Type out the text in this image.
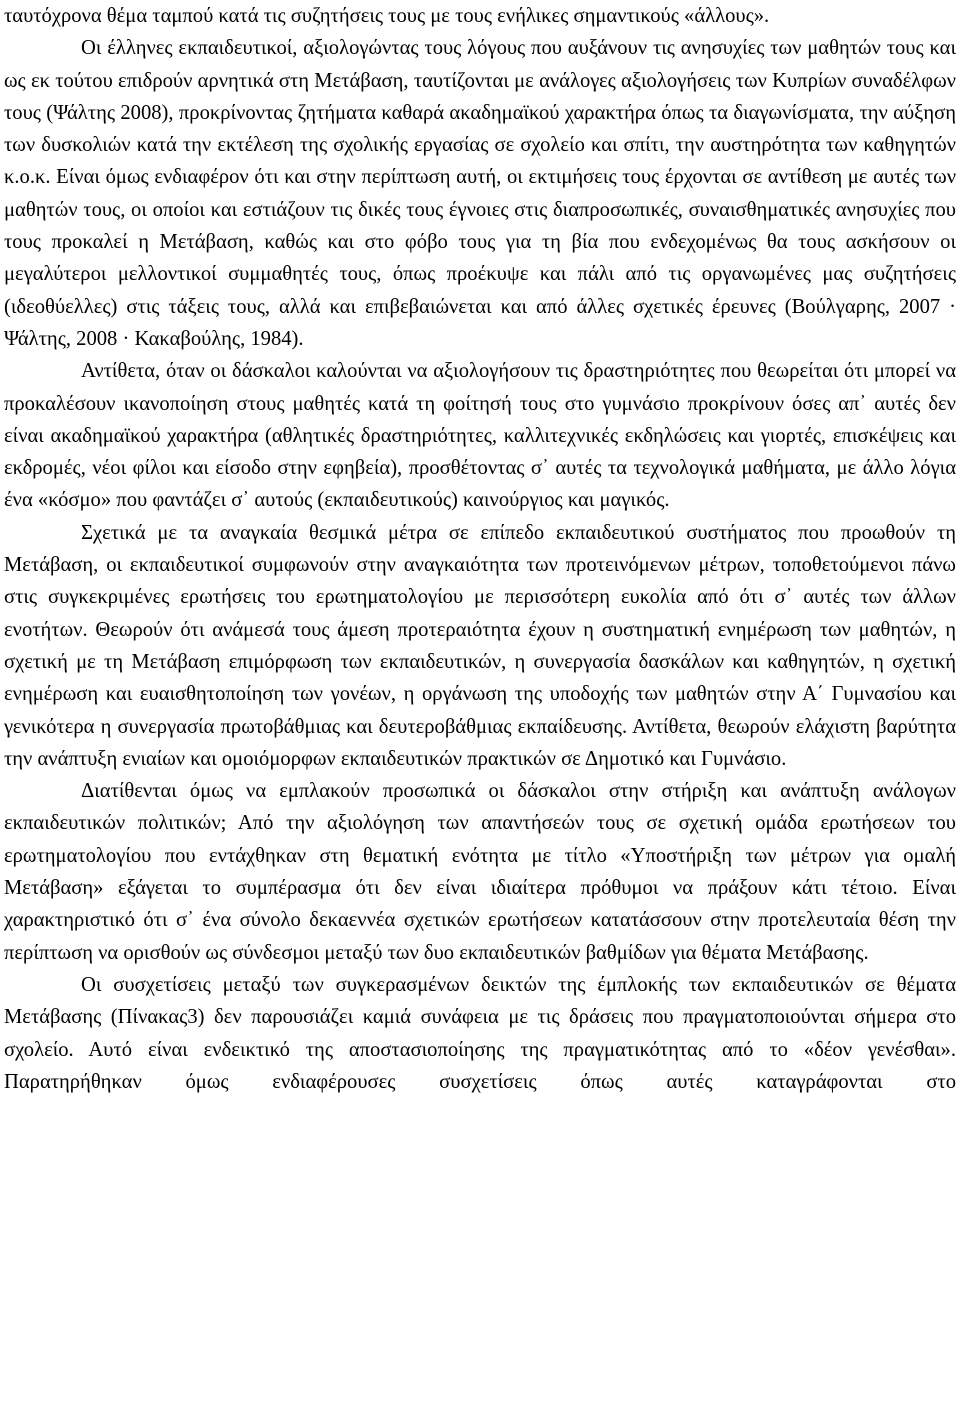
ταυτόχρονα θέμα ταμπού κατά τις συζητήσεις τους με τους ενήλικες σημαντικούς «άλλους».

Οι έλληνες εκπαιδευτικοί, αξιολογώντας τους λόγους που αυξάνουν τις ανησυχίες των μαθητών τους και ως εκ τούτου επιδρούν αρνητικά στη Μετάβαση, ταυτίζονται με ανάλογες αξιολογήσεις των Κυπρίων συναδέλφων τους (Ψάλτης 2008), προκρίνοντας ζητήματα καθαρά ακαδημαϊκού χαρακτήρα όπως τα διαγωνίσματα, την αύξηση των δυσκολιών κατά την εκτέλεση της σχολικής εργασίας σε σχολείο και σπίτι, την αυστηρότητα των καθηγητών κ.ο.κ. Είναι όμως ενδιαφέρον ότι και στην περίπτωση αυτή, οι εκτιμήσεις τους έρχονται σε αντίθεση με αυτές των μαθητών τους, οι οποίοι και εστιάζουν τις δικές τους έγνοιες στις διαπροσωπικές, συναισθηματικές ανησυχίες που τους προκαλεί η Μετάβαση, καθώς και στο φόβο τους για τη βία που ενδεχομένως θα τους ασκήσουν οι μεγαλύτεροι μελλοντικοί συμμαθητές τους, όπως προέκυψε και πάλι από τις οργανωμένες μας συζητήσεις (ιδεοθύελλες) στις τάξεις τους, αλλά και επιβεβαιώνεται και από άλλες σχετικές έρευνες (Βούλγαρης, 2007 · Ψάλτης, 2008 · Κακαβούλης, 1984).

Αντίθετα, όταν οι δάσκαλοι καλούνται να αξιολογήσουν τις δραστηριότητες που θεωρείται ότι μπορεί να προκαλέσουν ικανοποίηση στους μαθητές κατά τη φοίτησή τους στο γυμνάσιο προκρίνουν όσες απ᾽ αυτές δεν είναι ακαδημαϊκού χαρακτήρα (αθλητικές δραστηριότητες, καλλιτεχνικές εκδηλώσεις και γιορτές, επισκέψεις και εκδρομές, νέοι φίλοι και είσοδο στην εφηβεία), προσθέτοντας σ᾽ αυτές τα τεχνολογικά μαθήματα, με άλλο λόγια ένα «κόσμο» που φαντάζει σ᾽ αυτούς (εκπαιδευτικούς) καινούργιος και μαγικός.

Σχετικά με τα αναγκαία θεσμικά μέτρα σε επίπεδο εκπαιδευτικού συστήματος που προωθούν τη Μετάβαση, οι εκπαιδευτικοί συμφωνούν στην αναγκαιότητα των προτεινόμενων μέτρων, τοποθετούμενοι πάνω στις συγκεκριμένες ερωτήσεις του ερωτηματολογίου με περισσότερη ευκολία από ότι σ᾽ αυτές των άλλων ενοτήτων. Θεωρούν ότι ανάμεσά τους άμεση προτεραιότητα έχουν η συστηματική ενημέρωση των μαθητών, η σχετική με τη Μετάβαση επιμόρφωση των εκπαιδευτικών, η συνεργασία δασκάλων και καθηγητών, η σχετική ενημέρωση και ευαισθητοποίηση των γονέων, η οργάνωση της υποδοχής των μαθητών στην Α΄ Γυμνασίου και γενικότερα η συνεργασία πρωτοβάθμιας και δευτεροβάθμιας εκπαίδευσης. Αντίθετα, θεωρούν ελάχιστη βαρύτητα την ανάπτυξη ενιαίων και ομοιόμορφων εκπαιδευτικών πρακτικών σε Δημοτικό και Γυμνάσιο.

Διατίθενται όμως να εμπλακούν προσωπικά οι δάσκαλοι στην στήριξη και ανάπτυξη ανάλογων εκπαιδευτικών πολιτικών; Από την αξιολόγηση των απαντήσεών τους σε σχετική ομάδα ερωτήσεων του ερωτηματολογίου που εντάχθηκαν στη θεματική ενότητα με τίτλο «Υποστήριξη των μέτρων για ομαλή Μετάβαση» εξάγεται το συμπέρασμα ότι δεν είναι ιδιαίτερα πρόθυμοι να πράξουν κάτι τέτοιο. Είναι χαρακτηριστικό ότι σ᾽ ένα σύνολο δεκαεννέα σχετικών ερωτήσεων κατατάσσουν στην προτελευταία θέση την περίπτωση να ορισθούν ως σύνδεσμοι μεταξύ των δυο εκπαιδευτικών βαθμίδων για θέματα Μετάβασης.

Οι συσχετίσεις μεταξύ των συγκερασμένων δεικτών της έμπλοκής των εκπαιδευτικών σε θέματα Μετάβασης (Πίνακας3) δεν παρουσιάζει καμιά συνάφεια με τις δράσεις που πραγματοποιούνται σήμερα στο σχολείο. Αυτό είναι ενδεικτικό της αποστασιοποίησης της πραγματικότητας από το «δέον γενέσθαι». Παρατηρήθηκαν όμως ενδιαφέρουσες συσχετίσεις όπως αυτές καταγράφονται στο
